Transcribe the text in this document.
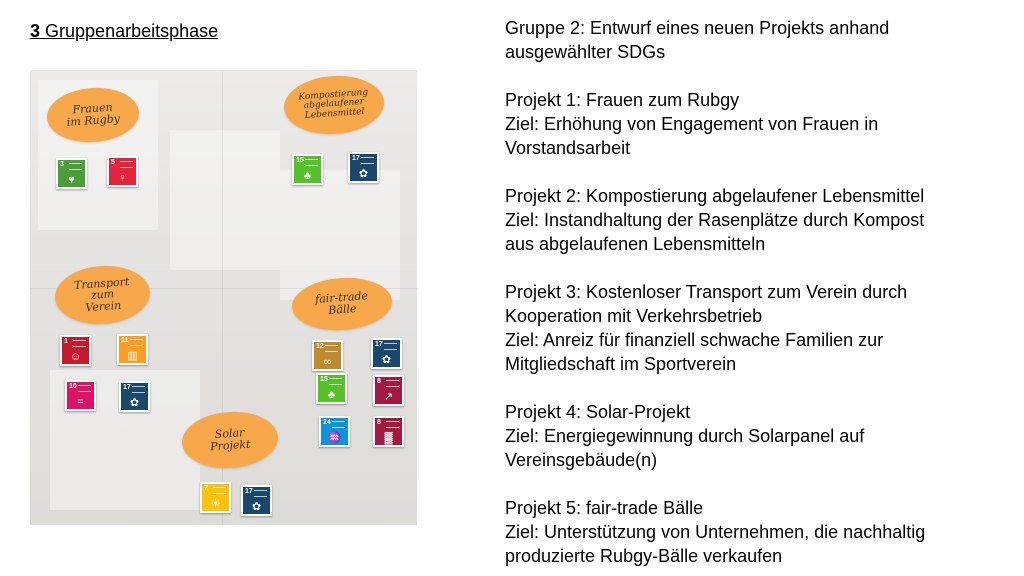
3 Gruppenarbeitsphase
Frauen
im Rugby
Kompostierung
abgelaufener
Lebensmittel
Transport
zum
Verein	fair-trade
Bälle
Solar
Projekt
3
♥
5
♀
15
♣
17
✿
1
☺
11
▥
10
=
17
✿
12
∞
17
✿
15
♣
8
↗
14
♒
8
▓
7
☀
17
✿
Gruppe 2: Entwurf eines neuen Projekts anhand
ausgewählter SDGs
Projekt 1: Frauen zum Rubgy
Ziel: Erhöhung von Engagement von Frauen in
Vorstandsarbeit
Projekt 2: Kompostierung abgelaufener Lebensmittel
Ziel: Instandhaltung der Rasenplätze durch Kompost
aus abgelaufenen Lebensmitteln
Projekt 3: Kostenloser Transport zum Verein durch
Kooperation mit Verkehrsbetrieb
Ziel: Anreiz für finanziell schwache Familien zur
Mitgliedschaft im Sportverein
Projekt 4: Solar-Projekt
Ziel: Energiegewinnung durch Solarpanel auf
Vereinsgebäude(n)
Projekt 5: fair-trade Bälle
Ziel: Unterstützung von Unternehmen, die nachhaltig
produzierte Rubgy-Bälle verkaufen
